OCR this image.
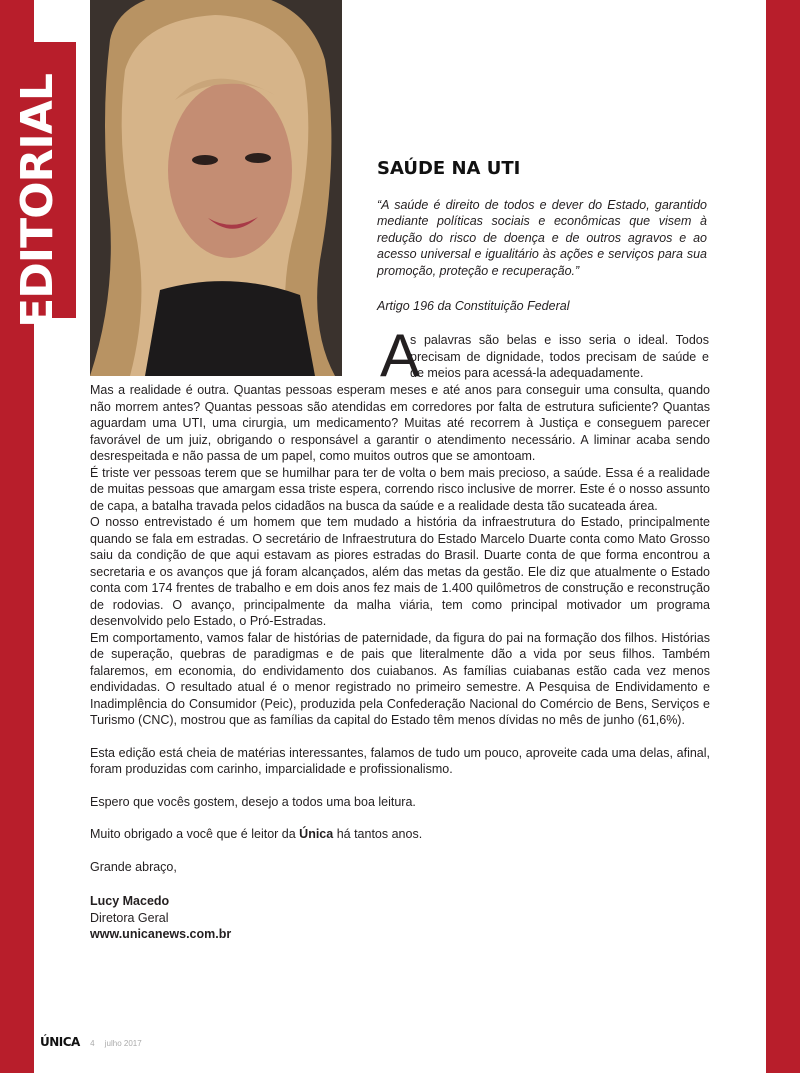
EDITORIAL	SAÚDE NA UTI
“A saúde é direito de todos e dever do Estado, garantido mediante políticas sociais e econômicas que visem à redução do risco de doença e de outros agravos e ao acesso universal e igualitário às ações e serviços para sua promoção, proteção e recuperação.”
Artigo 196 da Constituição Federal
A
s palavras são belas e isso seria o ideal. Todos precisam de dignidade, todos precisam de saúde e de meios para acessá-la adequadamente.

Mas a realidade é outra. Quantas pessoas esperam meses e até anos para conseguir uma consulta, quando não morrem antes? Quantas pessoas são atendidas em corredores por falta de estrutura suficiente? Quantas aguardam uma UTI, uma cirurgia, um medicamento? Muitas até recorrem à Justiça e conseguem parecer favorável de um juiz, obrigando o responsável a garantir o atendimento necessário. A liminar acaba sendo desrespeitada e não passa de um papel, como muitos outros que se amontoam.

É triste ver pessoas terem que se humilhar para ter de volta o bem mais precioso, a saúde. Essa é a realidade de muitas pessoas que amargam essa triste espera, correndo risco inclusive de morrer. Este é o nosso assunto de capa, a batalha travada pelos cidadãos na busca da saúde e a realidade desta tão sucateada área.

O nosso entrevistado é um homem que tem mudado a história da infraestrutura do Estado, principalmente quando se fala em estradas. O secretário de Infraestrutura do Estado Marcelo Duarte conta como Mato Grosso saiu da condição de que aqui estavam as piores estradas do Brasil. Duarte conta de que forma encontrou a secretaria e os avanços que já foram alcançados, além das metas da gestão. Ele diz que atualmente o Estado conta com 174 frentes de trabalho e em dois anos fez mais de 1.400 quilômetros de construção e reconstrução de rodovias. O avanço, principalmente da malha viária, tem como principal motivador um programa desenvolvido pelo Estado, o Pró-Estradas.

Em comportamento, vamos falar de histórias de paternidade, da figura do pai na formação dos filhos. Histórias de superação, quebras de paradigmas e de pais que literalmente dão a vida por seus filhos. Também falaremos, em economia, do endividamento dos cuiabanos. As famílias cuiabanas estão cada vez menos endividadas. O resultado atual é o menor registrado no primeiro semestre. A Pesquisa de Endividamento e Inadimplência do Consumidor (Peic), produzida pela Confederação Nacional do Comércio de Bens, Serviços e Turismo (CNC), mostrou que as famílias da capital do Estado têm menos dívidas no mês de junho (61,6%).

Esta edição está cheia de matérias interessantes, falamos de tudo um pouco, aproveite cada uma delas, afinal, foram produzidas com carinho, imparcialidade e profissionalismo.

Espero que vocês gostem, desejo a todos uma boa leitura.

Muito obrigado a você que é leitor da Única há tantos anos.

Grande abraço,

Lucy Macedo
Diretora Geral
www.unicanews.com.br
ÚNICA 4 julho 2017
